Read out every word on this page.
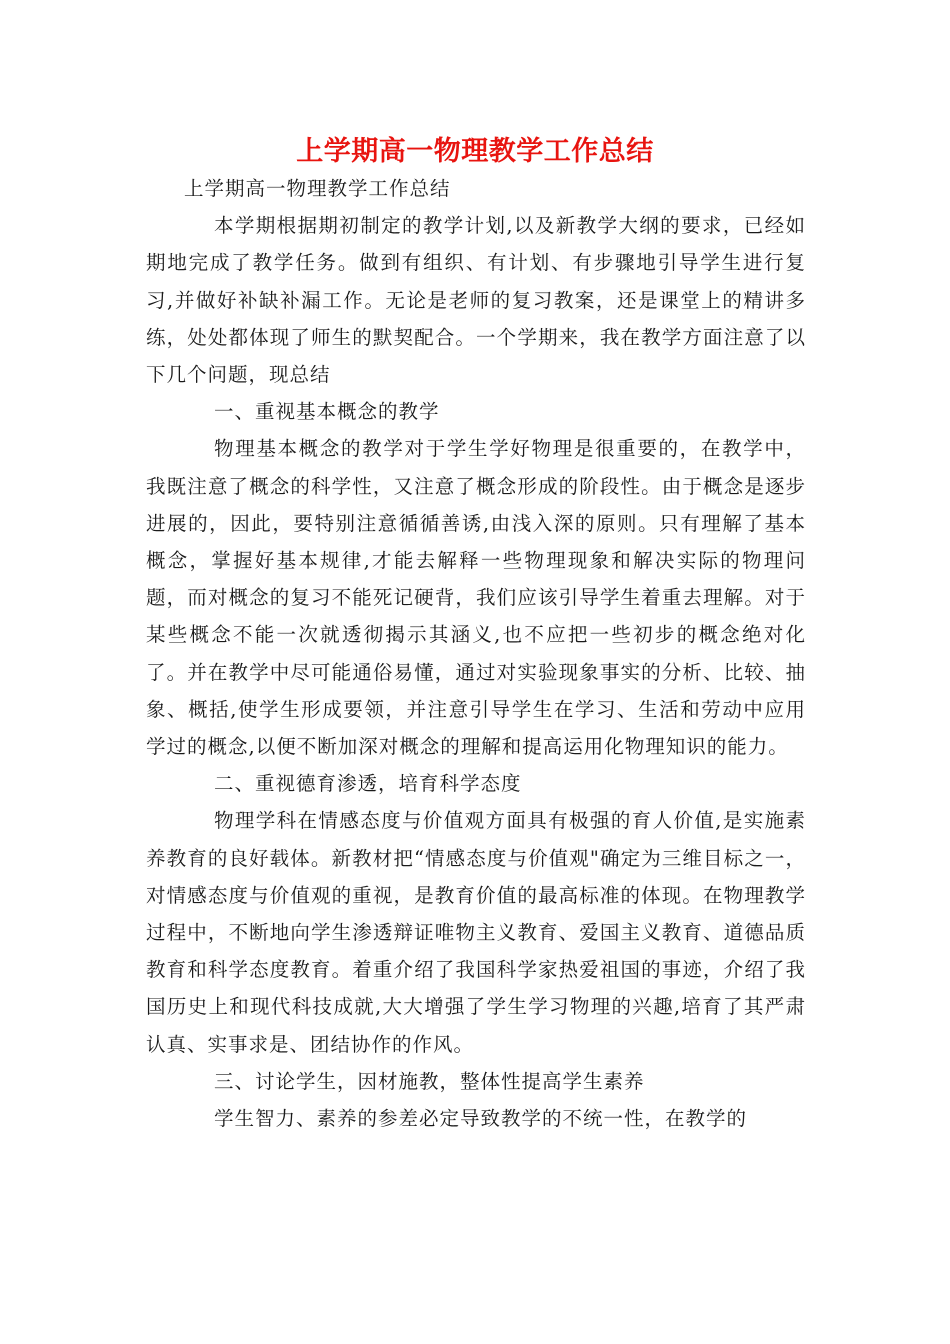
上学期高一物理教学工作总结

上学期高一物理教学工作总结

本学期根据期初制定的教学计划,以及新教学大纲的要求，已经如期地完成了教学任务。做到有组织、有计划、有步骤地引导学生进行复习,并做好补缺补漏工作。无论是老师的复习教案，还是课堂上的精讲多练，处处都体现了师生的默契配合。一个学期来，我在教学方面注意了以下几个问题，现总结

一、重视基本概念的教学

物理基本概念的教学对于学生学好物理是很重要的，在教学中，我既注意了概念的科学性，又注意了概念形成的阶段性。由于概念是逐步进展的，因此，要特别注意循循善诱,由浅入深的原则。只有理解了基本概念，掌握好基本规律,才能去解释一些物理现象和解决实际的物理问题，而对概念的复习不能死记硬背，我们应该引导学生着重去理解。对于某些概念不能一次就透彻揭示其涵义,也不应把一些初步的概念绝对化了。并在教学中尽可能通俗易懂，通过对实验现象事实的分析、比较、抽象、概括,使学生形成要领，并注意引导学生在学习、生活和劳动中应用学过的概念,以便不断加深对概念的理解和提高运用化物理知识的能力。

二、重视德育渗透，培育科学态度

物理学科在情感态度与价值观方面具有极强的育人价值,是实施素养教育的良好载体。新教材把“情感态度与价值观"确定为三维目标之一，对情感态度与价值观的重视，是教育价值的最高标准的体现。在物理教学过程中，不断地向学生渗透辩证唯物主义教育、爱国主义教育、道德品质教育和科学态度教育。着重介绍了我国科学家热爱祖国的事迹，介绍了我国历史上和现代科技成就,大大增强了学生学习物理的兴趣,培育了其严肃认真、实事求是、团结协作的作风。

三、讨论学生，因材施教，整体性提高学生素养

学生智力、素养的参差必定导致教学的不统一性，在教学的
